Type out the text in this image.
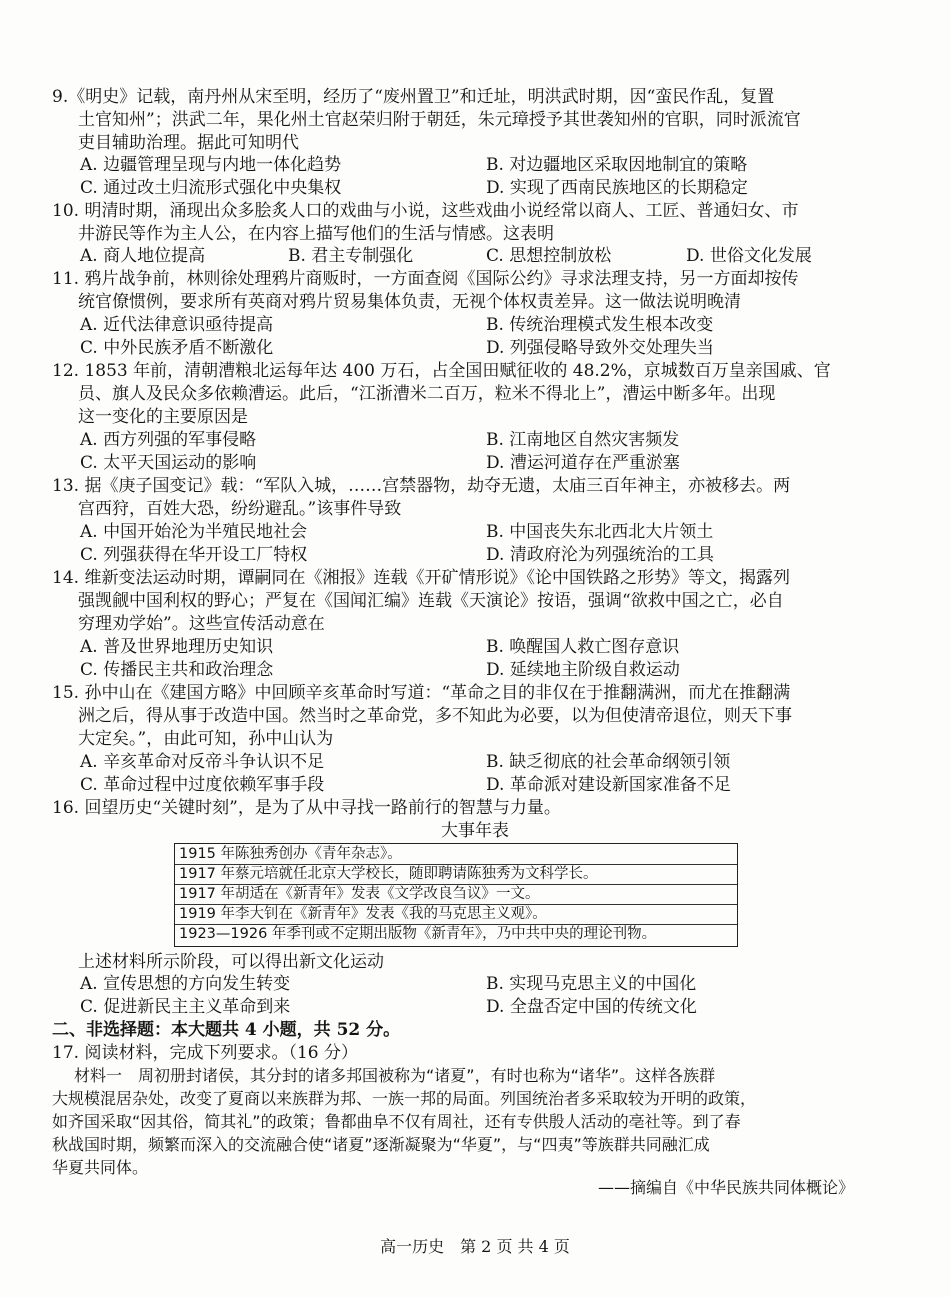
9.《明史》记载，南丹州从宋至明，经历了“废州置卫”和迁址，明洪武时期，因“蛮民作乱，复置
土官知州”；洪武二年，果化州土官赵荣归附于朝廷，朱元璋授予其世袭知州的官职，同时派流官
吏目辅助治理。据此可知明代
A. 边疆管理呈现与内地一体化趋势	B. 对边疆地区采取因地制宜的策略
C. 通过改土归流形式强化中央集权	D. 实现了西南民族地区的长期稳定
10. 明清时期，涌现出众多脍炙人口的戏曲与小说，这些戏曲小说经常以商人、工匠、普通妇女、市
井游民等作为主人公，在内容上描写他们的生活与情感。这表明
A. 商人地位提高	B. 君主专制强化	C. 思想控制放松	D. 世俗文化发展
11. 鸦片战争前，林则徐处理鸦片商贩时，一方面查阅《国际公约》寻求法理支持，另一方面却按传
统官僚惯例，要求所有英商对鸦片贸易集体负责，无视个体权责差异。这一做法说明晚清
A. 近代法律意识亟待提高	B. 传统治理模式发生根本改变
C. 中外民族矛盾不断激化	D. 列强侵略导致外交处理失当
12. 1853 年前，清朝漕粮北运每年达 400 万石，占全国田赋征收的 48.2%，京城数百万皇亲国戚、官
员、旗人及民众多依赖漕运。此后，“江浙漕米二百万，粒米不得北上”，漕运中断多年。出现
这一变化的主要原因是
A. 西方列强的军事侵略	B. 江南地区自然灾害频发
C. 太平天国运动的影响	D. 漕运河道存在严重淤塞
13. 据《庚子国变记》载：“军队入城，……宫禁器物，劫夺无遗，太庙三百年神主，亦被移去。两
宫西狩，百姓大恐，纷纷避乱。”该事件导致
A. 中国开始沦为半殖民地社会	B. 中国丧失东北西北大片领土
C. 列强获得在华开设工厂特权	D. 清政府沦为列强统治的工具
14. 维新变法运动时期，谭嗣同在《湘报》连载《开矿情形说》《论中国铁路之形势》等文，揭露列
强觊觎中国利权的野心；严复在《国闻汇编》连载《天演论》按语，强调“欲救中国之亡，必自
穷理劝学始”。这些宣传活动意在
A. 普及世界地理历史知识	B. 唤醒国人救亡图存意识
C. 传播民主共和政治理念	D. 延续地主阶级自救运动
15. 孙中山在《建国方略》中回顾辛亥革命时写道：“革命之目的非仅在于推翻满洲，而尤在推翻满
洲之后，得从事于改造中国。然当时之革命党，多不知此为必要，以为但使清帝退位，则天下事
大定矣。”，由此可知，孙中山认为
A. 辛亥革命对反帝斗争认识不足	B. 缺乏彻底的社会革命纲领引领
C. 革命过程中过度依赖军事手段	D. 革命派对建设新国家准备不足
16. 回望历史“关键时刻”，是为了从中寻找一路前行的智慧与力量。
大事年表
1915 年陈独秀创办《青年杂志》。
1917 年蔡元培就任北京大学校长，随即聘请陈独秀为文科学长。
1917 年胡适在《新青年》发表《文学改良刍议》一文。
1919 年李大钊在《新青年》发表《我的马克思主义观》。
1923—1926 年季刊或不定期出版物《新青年》，乃中共中央的理论刊物。
上述材料所示阶段，可以得出新文化运动
A. 宣传思想的方向发生转变	B. 实现马克思主义的中国化
C. 促进新民主主义革命到来	D. 全盘否定中国的传统文化
二、非选择题：本大题共 4 小题，共 52 分。
17. 阅读材料，完成下列要求。（16 分）
材料一　周初册封诸侯，其分封的诸多邦国被称为“诸夏”，有时也称为“诸华”。这样各族群
大规模混居杂处，改变了夏商以来族群为邦、一族一邦的局面。列国统治者多采取较为开明的政策，
如齐国采取“因其俗，简其礼”的政策；鲁都曲阜不仅有周社，还有专供殷人活动的亳社等。到了春
秋战国时期，频繁而深入的交流融合使“诸夏”逐渐凝聚为“华夏”，与“四夷”等族群共同融汇成
华夏共同体。
——摘编自《中华民族共同体概论》
高一历史　第 2 页 共 4 页
